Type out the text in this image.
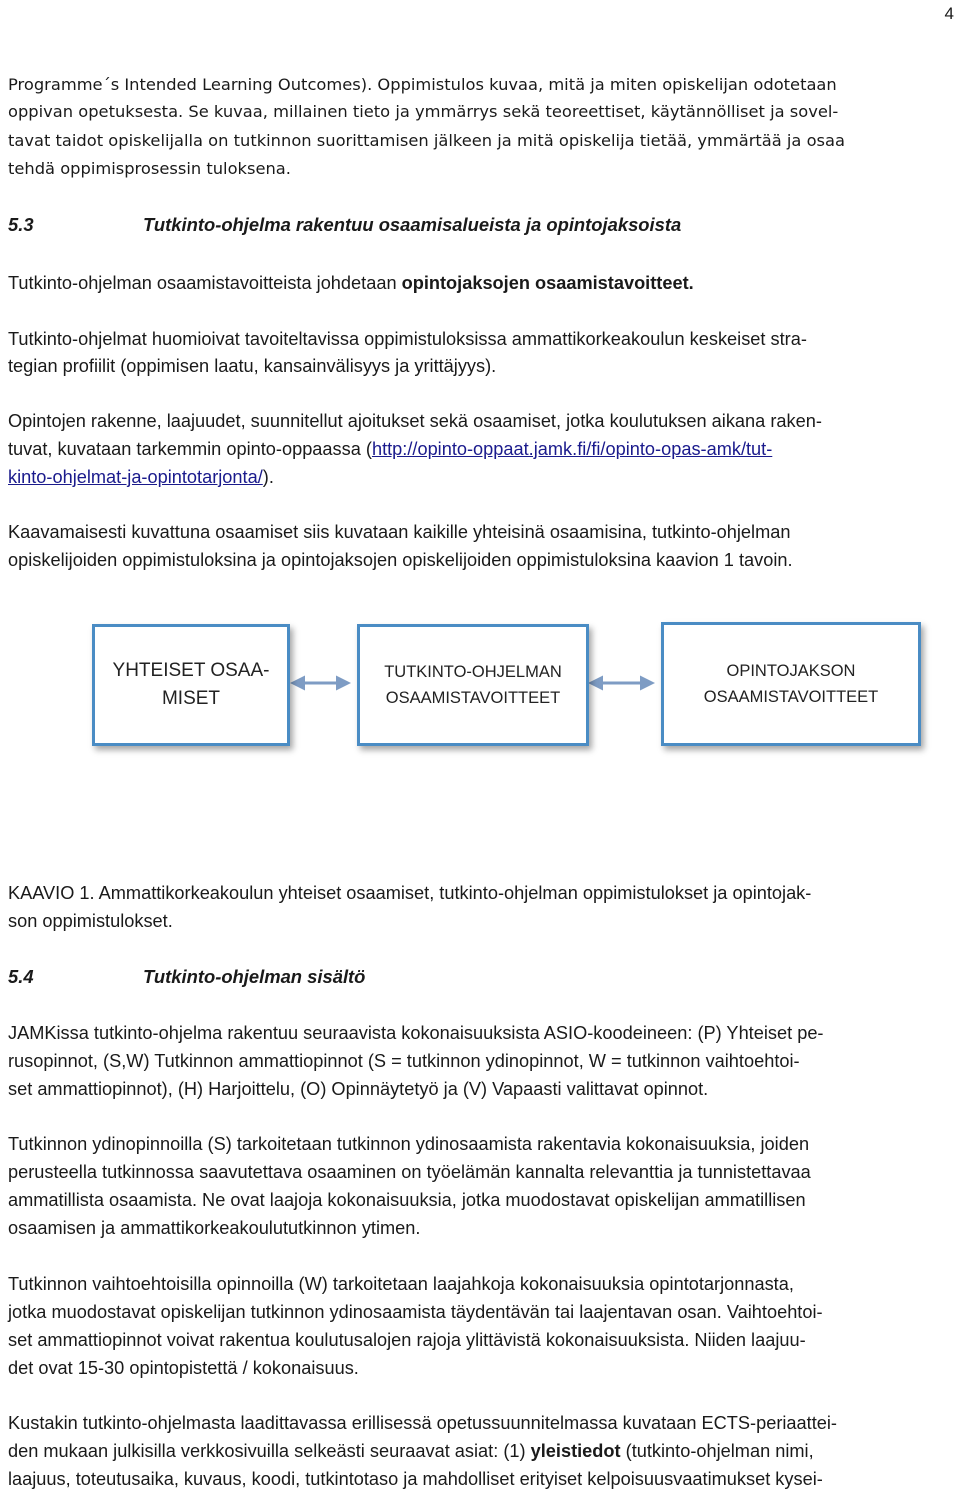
4
Programme´s Intended Learning Outcomes). Oppimistulos kuvaa, mitä ja miten opiskelijan odotetaan
oppivan opetuksesta. Se kuvaa, millainen tieto ja ymmärrys sekä teoreettiset, käytännölliset ja sovel-
tavat taidot opiskelijalla on tutkinnon suorittamisen jälkeen ja mitä opiskelija tietää, ymmärtää ja osaa
tehdä oppimisprosessin tuloksena.
5.3	Tutkinto-ohjelma rakentuu osaamisalueista ja opintojaksoista
Tutkinto-ohjelman osaamistavoitteista johdetaan opintojaksojen osaamistavoitteet.
Tutkinto-ohjelmat huomioivat tavoiteltavissa oppimistuloksissa ammattikorkeakoulun keskeiset stra-
tegian profiilit (oppimisen laatu, kansainvälisyys ja yrittäjyys).
Opintojen rakenne, laajuudet, suunnitellut ajoitukset sekä osaamiset, jotka koulutuksen aikana raken-
tuvat, kuvataan tarkemmin opinto-oppaassa (http://opinto-oppaat.jamk.fi/fi/opinto-opas-amk/tut-
kinto-ohjelmat-ja-opintotarjonta/).
Kaavamaisesti kuvattuna osaamiset siis kuvataan kaikille yhteisinä osaamisina, tutkinto-ohjelman
opiskelijoiden oppimistuloksina ja opintojaksojen opiskelijoiden oppimistuloksina kaavion 1 tavoin.
YHTEISET OSAA-
MISET
TUTKINTO-OHJELMAN
OSAAMISTAVOITTEET
OPINTOJAKSON
OSAAMISTAVOITTEET
KAAVIO 1. Ammattikorkeakoulun yhteiset osaamiset, tutkinto-ohjelman oppimistulokset ja opintojak-
son oppimistulokset.
5.4	Tutkinto-ohjelman sisältö
JAMKissa tutkinto-ohjelma rakentuu seuraavista kokonaisuuksista ASIO-koodeineen: (P) Yhteiset pe-
rusopinnot, (S,W) Tutkinnon ammattiopinnot (S = tutkinnon ydinopinnot, W = tutkinnon vaihtoehtoi-
set ammattiopinnot), (H) Harjoittelu, (O) Opinnäytetyö ja (V) Vapaasti valittavat opinnot.
Tutkinnon ydinopinnoilla (S) tarkoitetaan tutkinnon ydinosaamista rakentavia kokonaisuuksia, joiden
perusteella tutkinnossa saavutettava osaaminen on työelämän kannalta relevanttia ja tunnistettavaa
ammatillista osaamista. Ne ovat laajoja kokonaisuuksia, jotka muodostavat opiskelijan ammatillisen
osaamisen ja ammattikorkeakoulututkinnon ytimen.
Tutkinnon vaihtoehtoisilla opinnoilla (W) tarkoitetaan laajahkoja kokonaisuuksia opintotarjonnasta,
jotka muodostavat opiskelijan tutkinnon ydinosaamista täydentävän tai laajentavan osan. Vaihtoehtoi-
set ammattiopinnot voivat rakentua koulutusalojen rajoja ylittävistä kokonaisuuksista. Niiden laajuu-
det ovat 15-30 opintopistettä / kokonaisuus.
Kustakin tutkinto-ohjelmasta laadittavassa erillisessä opetussuunnitelmassa kuvataan ECTS-periaattei-
den mukaan julkisilla verkkosivuilla selkeästi seuraavat asiat: (1) yleistiedot (tutkinto-ohjelman nimi,
laajuus, toteutusaika, kuvaus, koodi, tutkintotaso ja mahdolliset erityiset kelpoisuusvaatimukset kysei-
